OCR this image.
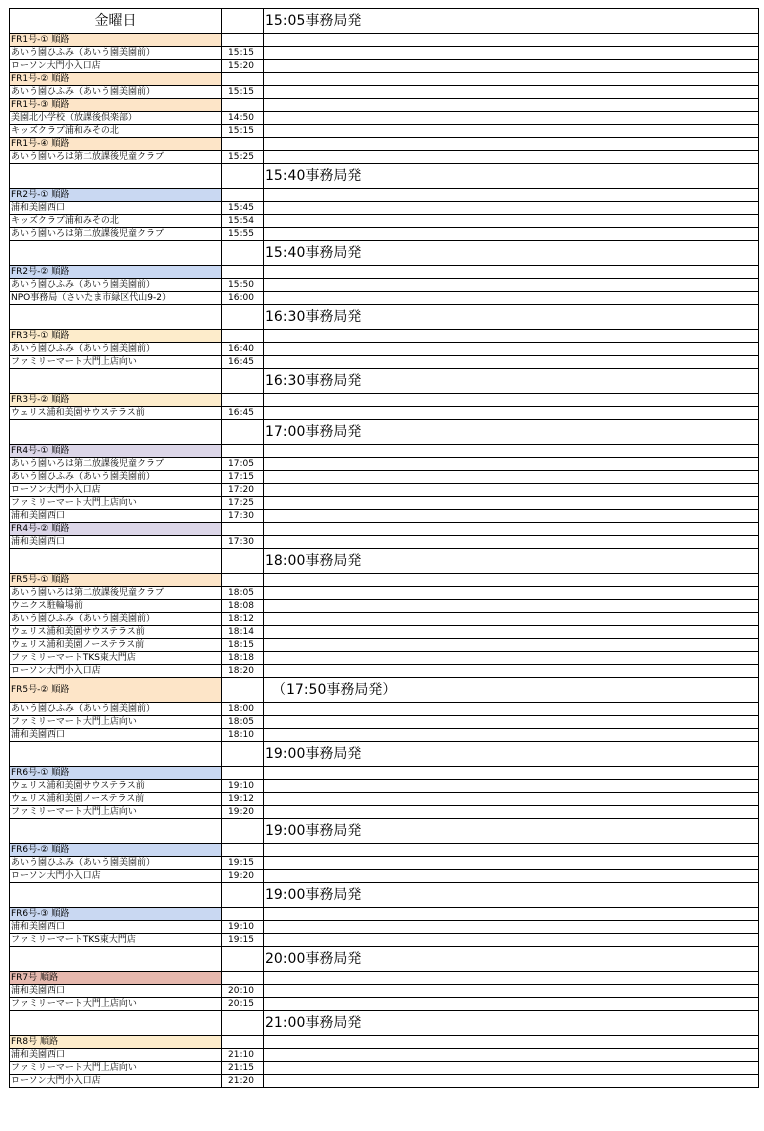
金曜日		15:05事務局発
FR1号-① 順路		
あいう園ひふみ（あいう園美園前）	15:15	
ローソン大門小入口店	15:20	
FR1号-② 順路		
あいう園ひふみ（あいう園美園前）	15:15	
FR1号-③ 順路		
美園北小学校（放課後倶楽部）	14:50	
キッズクラブ浦和みその北	15:15	
FR1号-④ 順路		
あいう園いろは第二放課後児童クラブ	15:25	
		15:40事務局発
FR2号-① 順路		
浦和美園西口	15:45	
キッズクラブ浦和みその北	15:54	
あいう園いろは第二放課後児童クラブ	15:55	
		15:40事務局発
FR2号-② 順路		
あいう園ひふみ（あいう園美園前）	15:50	
NPO事務局（さいたま市緑区代山9-2）	16:00	
		16:30事務局発
FR3号-① 順路		
あいう園ひふみ（あいう園美園前）	16:40	
ファミリーマート大門上店向い	16:45	
		16:30事務局発
FR3号-② 順路		
ウェリス浦和美園サウステラス前	16:45	
		17:00事務局発
FR4号-① 順路		
あいう園いろは第二放課後児童クラブ	17:05	
あいう園ひふみ（あいう園美園前）	17:15	
ローソン大門小入口店	17:20	
ファミリーマート大門上店向い	17:25	
浦和美園西口	17:30	
FR4号-② 順路		
浦和美園西口	17:30	
		18:00事務局発
FR5号-① 順路		
あいう園いろは第二放課後児童クラブ	18:05	
ウニクス駐輪場前	18:08	
あいう園ひふみ（あいう園美園前）	18:12	
ウェリス浦和美園サウステラス前	18:14	
ウェリス浦和美園ノーステラス前	18:15	
ファミリーマートTKS東大門店	18:18	
ローソン大門小入口店	18:20	
FR5号-② 順路		（17:50事務局発）
あいう園ひふみ（あいう園美園前）	18:00	
ファミリーマート大門上店向い	18:05	
浦和美園西口	18:10	
		19:00事務局発
FR6号-① 順路		
ウェリス浦和美園サウステラス前	19:10	
ウェリス浦和美園ノーステラス前	19:12	
ファミリーマート大門上店向い	19:20	
		19:00事務局発
FR6号-② 順路		
あいう園ひふみ（あいう園美園前）	19:15	
ローソン大門小入口店	19:20	
		19:00事務局発
FR6号-③ 順路		
浦和美園西口	19:10	
ファミリーマートTKS東大門店	19:15	
		20:00事務局発
FR7号 順路		
浦和美園西口	20:10	
ファミリーマート大門上店向い	20:15	
		21:00事務局発
FR8号 順路		
浦和美園西口	21:10	
ファミリーマート大門上店向い	21:15	
ローソン大門小入口店	21:20	
